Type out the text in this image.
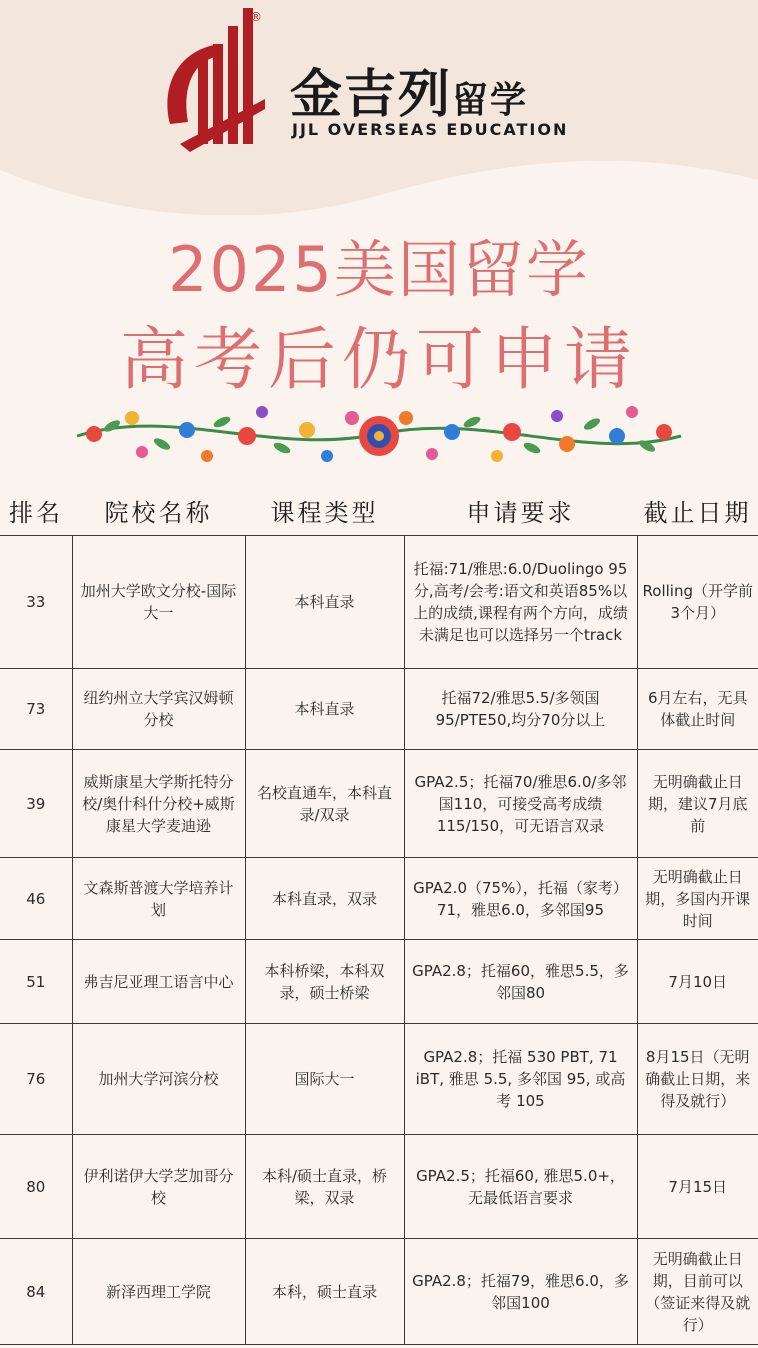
®
金吉列留学
JJL OVERSEAS EDUCATION
2025美国留学
高考后仍可申请
排名	院校名称	课程类型	申请要求	截止日期
33	加州大学欧文分校-国际大一	本科直录	托福:71/雅思:6.0/Duolingo 95分,高考/会考:语文和英语85%以上的成绩,课程有两个方向，成绩未满足也可以选择另一个track	Rolling（开学前3个月）
73	纽约州立大学宾汉姆顿分校	本科直录	托福72/雅思5.5/多领国95/PTE50,均分70分以上	6月左右，无具体截止时间
39	威斯康星大学斯托特分校/奥什科什分校+威斯康星大学麦迪逊	名校直通车，本科直录/双录	GPA2.5；托福70/雅思6.0/多邻国110，可接受高考成绩115/150，可无语言双录	无明确截止日期，建议7月底前
46	文森斯普渡大学培养计划	本科直录，双录	GPA2.0（75%），托福（家考）71，雅思6.0，多邻国95	无明确截止日期，多国内开课时间
51	弗吉尼亚理工语言中心	本科桥梁，本科双录，硕士桥梁	GPA2.8；托福60，雅思5.5，多邻国80	7月10日
76	加州大学河滨分校	国际大一	GPA2.8；托福 530 PBT, 71 iBT, 雅思 5.5, 多邻国 95, 或高考 105	8月15日（无明确截止日期，来得及就行）
80	伊利诺伊大学芝加哥分校	本科/硕士直录，桥梁，双录	GPA2.5；托福60, 雅思5.0+，无最低语言要求	7月15日
84	新泽西理工学院	本科，硕士直录	GPA2.8；托福79，雅思6.0，多邻国100	无明确截止日期，目前可以（签证来得及就行）
